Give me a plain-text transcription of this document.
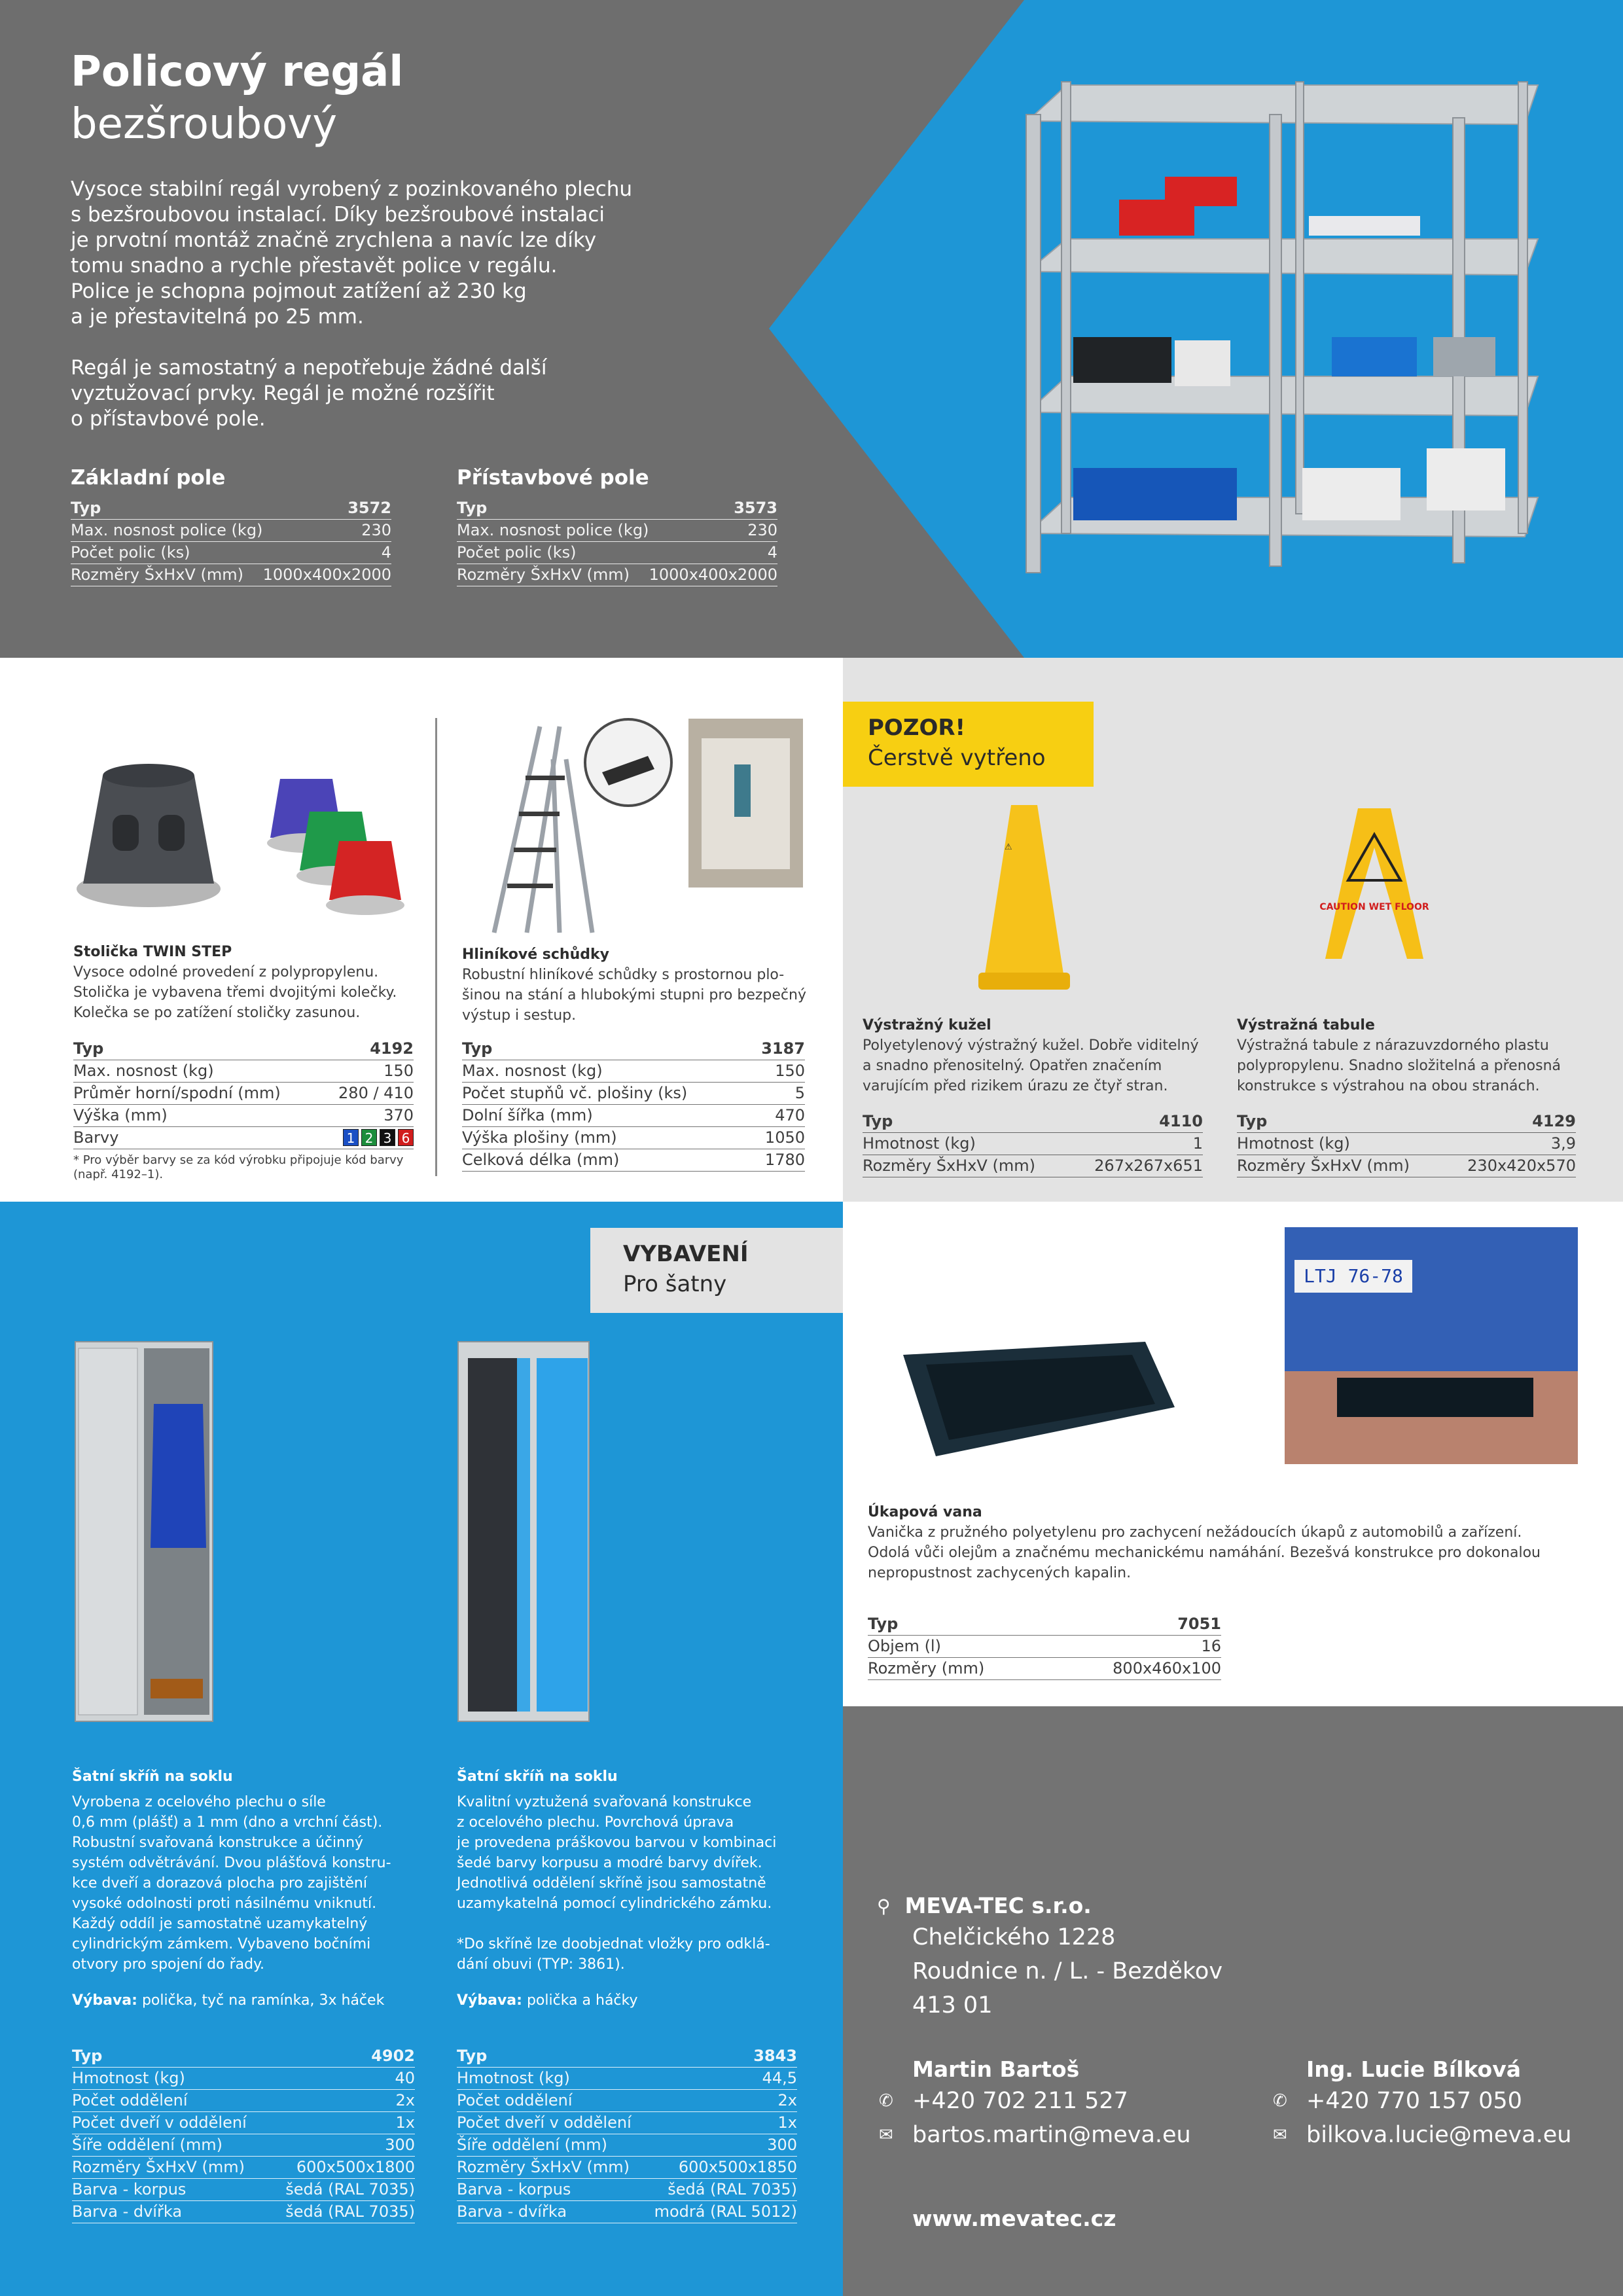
Policový regál
bezšroubový
Vysoce stabilní regál vyrobený z pozinkovaného plechu
s bezšroubovou instalací. Díky bezšroubové instalaci
je prvotní montáž značně zrychlena a navíc lze díky
tomu snadno a rychle přestavět police v regálu.
Police je schopna pojmout zatížení až 230 kg
a je přestavitelná po 25 mm.

Regál je samostatný a nepotřebuje žádné další
vyztužovací prvky. Regál je možné rozšířit
o přístavbové pole.
Základní pole
Typ	3572
Max. nosnost police (kg)	230
Počet polic (ks)	4
Rozměry ŠxHxV (mm) 1000x400x2000
Přístavbové pole
Typ	3573
Max. nosnost police (kg)	230
Počet polic (ks)	4
Rozměry ŠxHxV (mm) 1000x400x2000
Stolička TWIN STEP
Vysoce odolné provedení z polypropylenu.
Stolička je vybavena třemi dvojitými kolečky.
Kolečka se po zatížení stoličky zasunou.
Typ	4192
Max. nosnost (kg)	150
Průměr horní/spodní (mm)	280 / 410
Výška (mm)	370
Barvy	1 2 3 6
* Pro výběr barvy se za kód výrobku připojuje kód barvy
(např. 4192–1).
Hliníkové schůdky
Robustní hliníkové schůdky s prostornou plo-
šinou na stání a hlubokými stupni pro bezpečný
výstup i sestup.
Typ	3187
Max. nosnost (kg)	150
Počet stupňů vč. plošiny (ks)	5
Dolní šířka (mm)	470
Výška plošiny (mm)	1050
Celková délka (mm)	1780
POZOR!
Čerstvě vytřeno
⚠
CAUTION WET FLOOR
Výstražný kužel
Polyetylenový výstražný kužel. Dobře viditelný
a snadno přenositelný. Opatřen značením
varujícím před rizikem úrazu ze čtyř stran.
Typ	4110
Hmotnost (kg)	1
Rozměry ŠxHxV (mm)	267x267x651
Výstražná tabule
Výstražná tabule z nárazuvzdorného plastu
polypropylenu. Snadno složitelná a přenosná
konstrukce s výstrahou na obou stranách.
Typ	4129
Hmotnost (kg)	3,9
Rozměry ŠxHxV (mm)	230x420x570
VYBAVENÍ
Pro šatny
Šatní skříň na soklu
Vyrobena z ocelového plechu o síle
0,6 mm (plášť) a 1 mm (dno a vrchní část).
Robustní svařovaná konstrukce a účinný
systém odvětrávání. Dvou plášťová konstru-
kce dveří a dorazová plocha pro zajištění
vysoké odolnosti proti násilnému vniknutí.
Každý oddíl je samostatně uzamykatelný
cylindrickým zámkem. Vybaveno bočními
otvory pro spojení do řady.
Výbava: polička, tyč na ramínka, 3x háček
Typ	4902
Hmotnost (kg)	40
Počet oddělení	2x
Počet dveří v oddělení	1x
Šíře oddělení (mm)	300
Rozměry ŠxHxV (mm)	600x500x1800
Barva - korpus	šedá (RAL 7035)
Barva - dvířka	šedá (RAL 7035)
Šatní skříň na soklu
Kvalitní vyztužená svařovaná konstrukce
z ocelového plechu. Povrchová úprava
je provedena práškovou barvou v kombinaci
šedé barvy korpusu a modré barvy dvířek.
Jednotlivá oddělení skříně jsou samostatně
uzamykatelná pomocí cylindrického zámku.

*Do skříně lze doobjednat vložky pro odklá-
dání obuvi (TYP: 3861).
Výbava: polička a háčky
Typ	3843
Hmotnost (kg)	44,5
Počet oddělení	2x
Počet dveří v oddělení	1x
Šíře oddělení (mm)	300
Rozměry ŠxHxV (mm)	600x500x1850
Barva - korpus	šedá (RAL 7035)
Barva - dvířka	modrá (RAL 5012)
LTJ 76-78
Úkapová vana
Vanička z pružného polyetylenu pro zachycení nežádoucích úkapů z automobilů a zařízení.
Odolá vůči olejům a značnému mechanickému namáhání. Bezešvá konstrukce pro dokonalou
nepropustnost zachycených kapalin.
Typ	7051
Objem (l)	16
Rozměry (mm)	800x460x100
⚲ MEVA-TEC s.r.o.
Chelčického 1228
Roudnice n. / L. - Bezděkov
413 01
Martin Bartoš
✆ +420 702 211 527
✉ bartos.martin@meva.eu
Ing. Lucie Bílková
✆ +420 770 157 050
✉ bilkova.lucie@meva.eu
www.mevatec.cz
